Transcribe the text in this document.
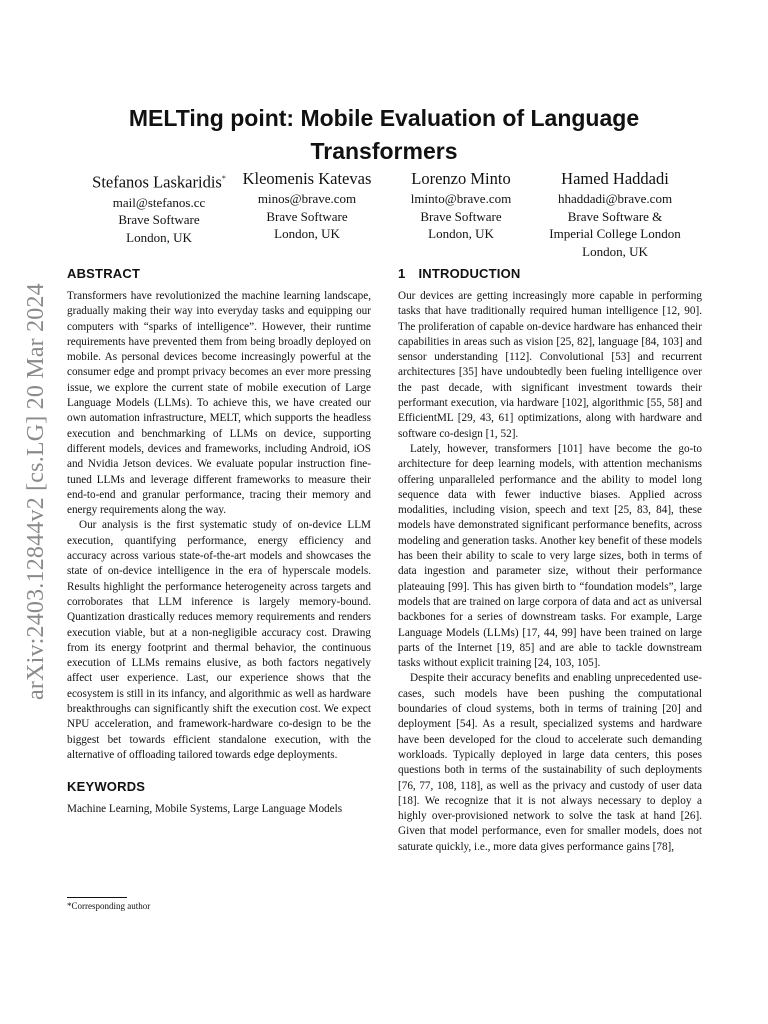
arXiv:2403.12844v2 [cs.LG] 20 Mar 2024
MELTing point: Mobile Evaluation of Language Transformers
Stefanos Laskaridis*
mail@stefanos.cc
Brave Software
London, UK
Kleomenis Katevas
minos@brave.com
Brave Software
London, UK
Lorenzo Minto
lminto@brave.com
Brave Software
London, UK
Hamed Haddadi
hhaddadi@brave.com
Brave Software &
Imperial College London
London, UK
ABSTRACT

Transformers have revolutionized the machine learning landscape, gradually making their way into everyday tasks and equipping our computers with “sparks of intelligence”. However, their runtime requirements have prevented them from being broadly deployed on mobile. As personal devices become increasingly powerful at the consumer edge and prompt privacy becomes an ever more pressing issue, we explore the current state of mobile execution of Large Language Models (LLMs). To achieve this, we have created our own automation infrastructure, MELT, which supports the headless execution and benchmarking of LLMs on device, supporting different models, devices and frameworks, including Android, iOS and Nvidia Jetson devices. We evaluate popular instruction fine-tuned LLMs and leverage different frameworks to measure their end-to-end and granular performance, tracing their memory and energy requirements along the way.

Our analysis is the first systematic study of on-device LLM execution, quantifying performance, energy efficiency and accuracy across various state-of-the-art models and showcases the state of on-device intelligence in the era of hyperscale models. Results highlight the performance heterogeneity across targets and corroborates that LLM inference is largely memory-bound. Quantization drastically reduces memory requirements and renders execution viable, but at a non-negligible accuracy cost. Drawing from its energy footprint and thermal behavior, the continuous execution of LLMs remains elusive, as both factors negatively affect user experience. Last, our experience shows that the ecosystem is still in its infancy, and algorithmic as well as hardware breakthroughs can significantly shift the execution cost. We expect NPU acceleration, and framework-hardware co-design to be the biggest bet towards efficient standalone execution, with the alternative of offloading tailored towards edge deployments.

KEYWORDS

Machine Learning, Mobile Systems, Large Language Models

*Corresponding author
1 INTRODUCTION

Our devices are getting increasingly more capable in performing tasks that have traditionally required human intelligence [12, 90]. The proliferation of capable on-device hardware has enhanced their capabilities in areas such as vision [25, 82], language [84, 103] and sensor understanding [112]. Convolutional [53] and recurrent architectures [35] have undoubtedly been fueling intelligence over the past decade, with significant investment towards their performant execution, via hardware [102], algorithmic [55, 58] and EfficientML [29, 43, 61] optimizations, along with hardware and software co-design [1, 52].

Lately, however, transformers [101] have become the go-to architecture for deep learning models, with attention mechanisms offering unparalleled performance and the ability to model long sequence data with fewer inductive biases. Applied across modalities, including vision, speech and text [25, 83, 84], these models have demonstrated significant performance benefits, across modeling and generation tasks. Another key benefit of these models has been their ability to scale to very large sizes, both in terms of data ingestion and parameter size, without their performance plateauing [99]. This has given birth to “foundation models”, large models that are trained on large corpora of data and act as universal backbones for a series of downstream tasks. For example, Large Language Models (LLMs) [17, 44, 99] have been trained on large parts of the Internet [19, 85] and are able to tackle downstream tasks without explicit training [24, 103, 105].

Despite their accuracy benefits and enabling unprecedented use-cases, such models have been pushing the computational boundaries of cloud systems, both in terms of training [20] and deployment [54]. As a result, specialized systems and hardware have been developed for the cloud to accelerate such demanding workloads. Typically deployed in large data centers, this poses questions both in terms of the sustainability of such deployments [76, 77, 108, 118], as well as the privacy and custody of user data [18]. We recognize that it is not always necessary to deploy a highly over-provisioned network to solve the task at hand [26]. Given that model performance, even for smaller models, does not saturate quickly, i.e., more data gives performance gains [78],
